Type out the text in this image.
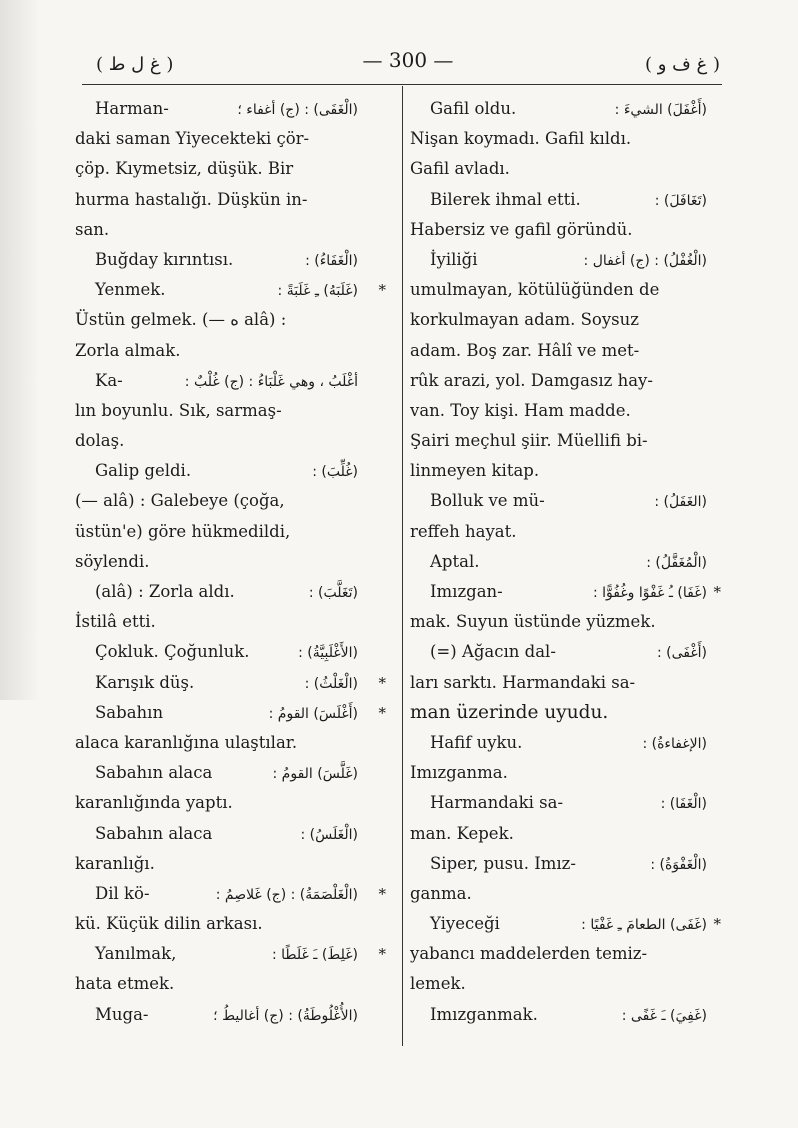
( غ ل ط )	— 300 —	( غ ف و )
Harman-	(الْغَفَى) : (ج) أغفاء ؛
daki saman Yiyecekteki çör-
çöp. Kıymetsiz, düşük. Bir
hurma hastalığı. Düşkün in-
san.
Buğday kırıntısı.	(الْغَفَاءُ) :
Yenmek.	(غَلَبَهُ) ـِ غَلَبَةً :	*
Üstün gelmek. (— ه alâ) :
Zorla almak.
Ka-	أغْلَبُ ، وهي غَلْبَاءُ : (ج) غُلْبٌ :
lın boyunlu. Sık, sarmaş-
dolaş.
Galip geldi.	(غُلِّبَ) :
(— alâ) : Galebeye (çoğa,
üstün'e) göre hükmedildi,
söylendi.
(alâ) : Zorla aldı.	(تَغَلَّبَ) :
İstilâ etti.
Çokluk. Çoğunluk.	(الأَغْلَبِيَّةُ) :
Karışık düş.	(الْغَلْثُ) :	*
Sabahın	(أَغْلَسَ) القومُ :	*
alaca karanlığına ulaştılar.
Sabahın alaca	(غَلَّسَ) القومُ :
karanlığında yaptı.
Sabahın alaca	(الْغَلَسُ) :
karanlığı.
Dil kö-	(الْغَلْصَمَةُ) : (ج) غَلاصِمُ :	*
kü. Küçük dilin arkası.
Yanılmak,	(غَلِطَ) ـَ غَلَطًا :	*
hata etmek.
Muga-	(الأُغْلُوطَةُ) : (ج) أغاليطُ ؛
Gafil oldu.	(أَغْفَلَ) الشيءَ :
Nişan koymadı. Gafil kıldı.
Gafil avladı.
Bilerek ihmal etti.	(تَغَافَلَ) :
Habersiz ve gafil göründü.
İyiliği	(الْغُفْلُ) : (ج) أغفال :
umulmayan, kötülüğünden de
korkulmayan adam. Soysuz
adam. Boş zar. Hâlî ve met-
rûk arazi, yol. Damgasız hay-
van. Toy kişi. Ham madde.
Şairi meçhul şiir. Müellifi bi-
linmeyen kitap.
Bolluk ve mü-	(الغَفَلُ) :
reffeh hayat.
Aptal.	(الْمُغَفَّلُ) :
Imızgan-	(غَفَا) ـُ غَفْوًا وغُفُوًّا : *
mak. Suyun üstünde yüzmek.
(=) Ağacın dal-	(أَغْفَى) :
ları sarktı. Harmandaki sa-
man üzerinde uyudu.
Hafif uyku.	(الإغفاءةُ) :
Imızganma.
Harmandaki sa-	(الْغَفَا) :
man. Kepek.
Siper, pusu. Imız-	(الْغَفْوَةُ) :
ganma.
Yiyeceği	(غَفَى) الطعامَ ـِ غَفْيًا : *
yabancı maddelerden temiz-
lemek.
Imızganmak.	(غَفِيَ) ـَ غَفًى :
